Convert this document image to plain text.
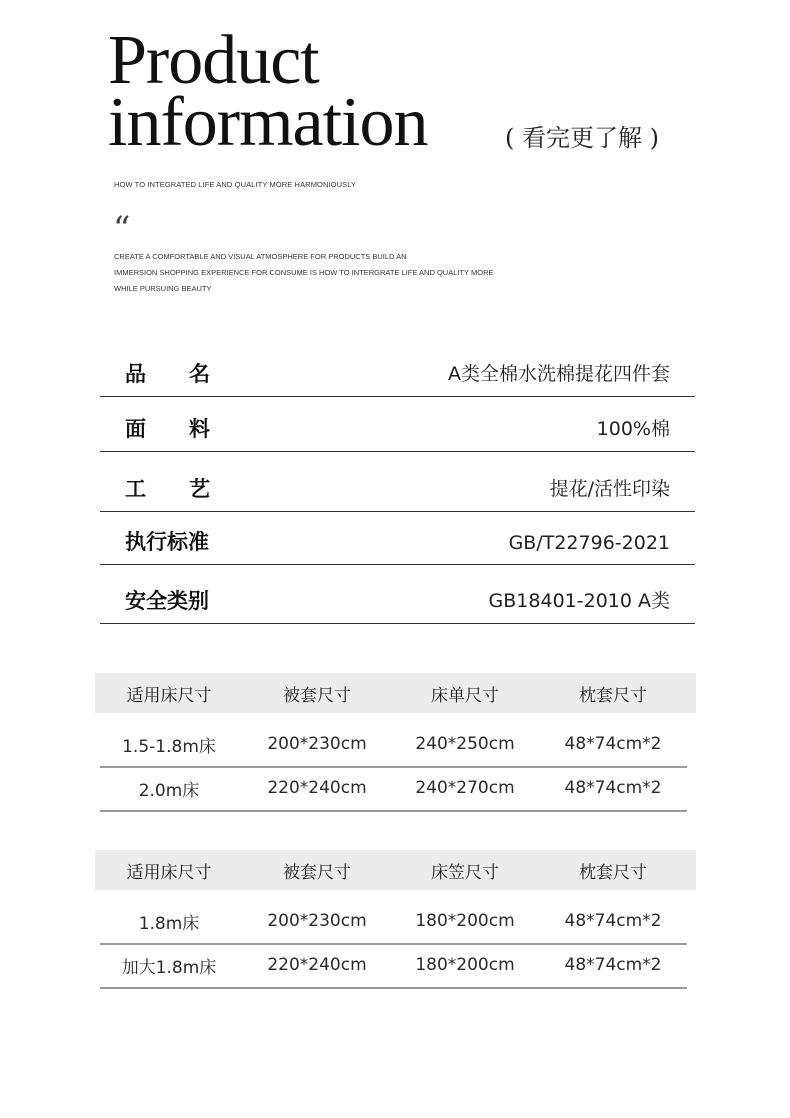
Product
information	( 看完更了解 )
HOW TO INTEGRATED LIFE AND QUALITY MORE HARMONIOUSLY
“

CREATE A COMFORTABLE AND VISUAL ATMOSPHERE FOR PRODUCTS BUILD AN

IMMERSION SHOPPING EXPERIENCE FOR CONSUME IS HOW TO INTERGRATE LIFE AND QUALITY MORE

WHILE PURSUING BEAUTY

品名	A类全棉水洗棉提花四件套
面料	100%棉
工艺	提花/活性印染
执行标准	GB/T22796-2021
安全类别	GB18401-2010 A类
适用床尺寸	被套尺寸	床单尺寸	枕套尺寸
1.5-1.8m床	200*230cm	240*250cm	48*74cm*2
2.0m床	220*240cm	240*270cm	48*74cm*2
适用床尺寸	被套尺寸	床笠尺寸	枕套尺寸
1.8m床	200*230cm	180*200cm	48*74cm*2
加大1.8m床	220*240cm	180*200cm	48*74cm*2
